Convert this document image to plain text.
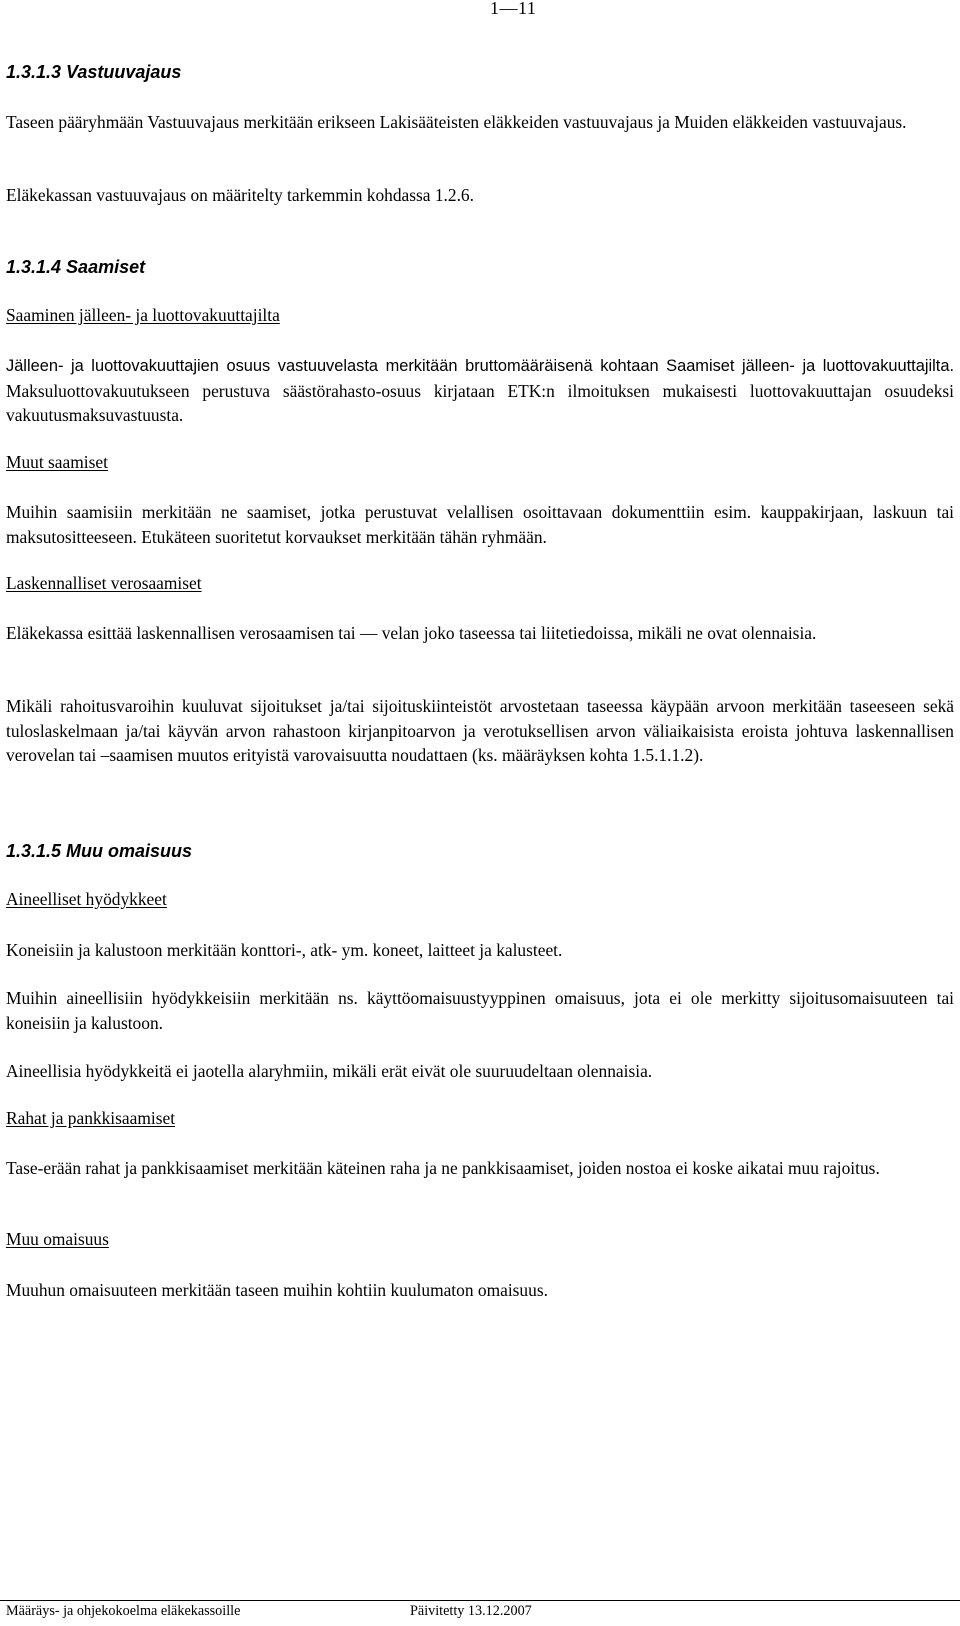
1—11
1.3.1.3 Vastuuvajaus
Taseen pääryhmään Vastuuvajaus merkitään erikseen Lakisääteisten eläkkeiden vastuuvajaus ja Muiden eläkkeiden vastuuvajaus.
Eläkekassan vastuuvajaus on määritelty tarkemmin kohdassa 1.2.6.
1.3.1.4 Saamiset
Saaminen jälleen- ja luottovakuuttajilta
Jälleen- ja luottovakuuttajien osuus vastuuvelasta merkitään bruttomääräisenä kohtaan Saamiset jälleen- ja luottovakuuttajilta. Maksuluottovakuutukseen perustuva säästörahasto-osuus kirjataan ETK:n ilmoituksen mukaisesti luottovakuuttajan osuudeksi vakuutusmaksuvastuusta.
Muut saamiset
Muihin saamisiin merkitään ne saamiset, jotka perustuvat velallisen osoittavaan dokumenttiin esim. kauppakirjaan, laskuun tai maksutositteeseen. Etukäteen suoritetut korvaukset merkitään tähän ryhmään.
Laskennalliset verosaamiset
Eläkekassa esittää laskennallisen verosaamisen tai — velan joko taseessa tai liitetiedoissa, mikäli ne ovat olennaisia.
Mikäli rahoitusvaroihin kuuluvat sijoitukset ja/tai sijoituskiinteistöt arvostetaan taseessa käypään arvoon merkitään taseeseen sekä tuloslaskelmaan ja/tai käyvän arvon rahastoon kirjanpitoarvon ja verotuksellisen arvon väliaikaisista eroista johtuva laskennallisen verovelan tai –saamisen muutos erityistä varovaisuutta noudattaen (ks. määräyksen kohta 1.5.1.1.2).
1.3.1.5 Muu omaisuus
Aineelliset hyödykkeet
Koneisiin ja kalustoon merkitään konttori-, atk- ym. koneet, laitteet ja kalusteet.
Muihin aineellisiin hyödykkeisiin merkitään ns. käyttöomaisuustyyppinen omaisuus, jota ei ole merkitty sijoitusomaisuuteen tai koneisiin ja kalustoon.
Aineellisia hyödykkeitä ei jaotella alaryhmiin, mikäli erät eivät ole suuruudeltaan olennaisia.
Rahat ja pankkisaamiset
Tase-erään rahat ja pankkisaamiset merkitään käteinen raha ja ne pankkisaamiset, joiden nostoa ei koske aikatai muu rajoitus.
Muu omaisuus
Muuhun omaisuuteen merkitään taseen muihin kohtiin kuulumaton omaisuus.
Määräys- ja ohjekokoelma eläkekassoille	Päivitetty 13.12.2007
